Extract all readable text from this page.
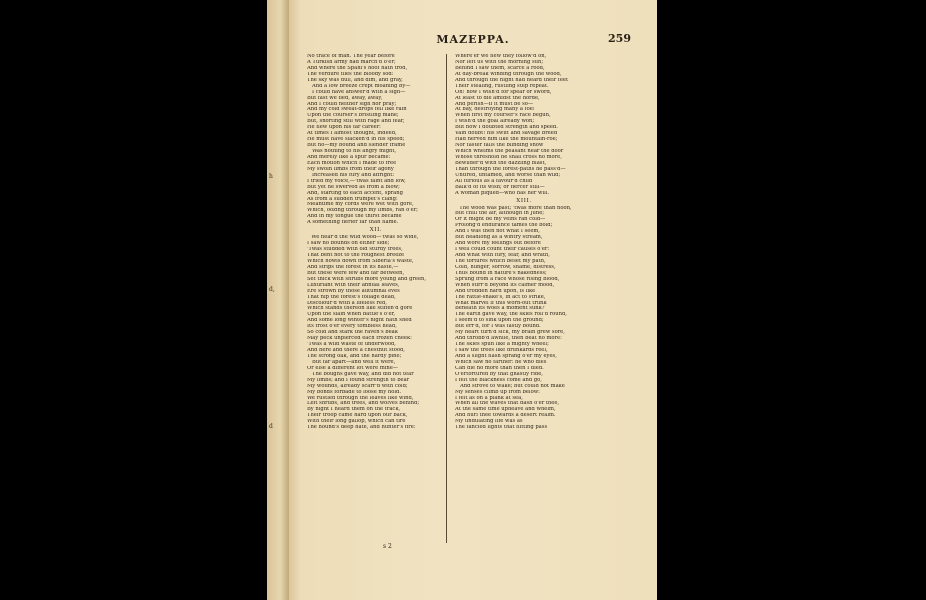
h
d,
d
MAZEPPA.	259
No trace of man. The year before
A Turkish army had march'd o'er;
And where the Spahi's hoof hath trod,
The verdure flies the bloody sod:
The sky was dull, and dim, and gray,
And a low breeze crept moaning by—
I could have answer'd with a sigh—
But fast we fled, away, away,
And I could neither sigh nor pray;
And my cold sweat-drops fell like rain
Upon the courser's bristling mane;
But, snorting still with rage and fear,
He flew upon his far career:
At times I almost thought, indeed,
He must have slacken'd in his speed;
But no—my bound and slender frame
Was nothing to his angry might,
And merely like a spur became:
Each motion which I made to free
My swoln limbs from their agony
Increased his fury and affright:
I tried my voice,—'twas faint and low,
But yet he swerved as from a blow;
And, starting to each accent, sprang
As from a sudden trumpet's clang:
Meantime my cords were wet with gore,
Which, oozing through my limbs, ran o'er;
And in my tongue the thirst became
A something fierier far than flame.
XII.
“ We near'd the wild wood—'twas so wide,
I saw no bounds on either side;
'Twas studded with old sturdy trees,
That bent not to the roughest breeze
Which howls down from Siberia's waste,
And strips the forest in its haste,—
But these were few and far between,
Set thick with shrubs more young and green,
Luxuriant with their annual leaves,
Ere strown by those autumnal eves
That nip the forest's foliage dead,
Discolour'd with a lifeless red,
Which stands thereon like stiffen'd gore
Upon the slain when battle's o'er,
And some long winter's night hath shed
Its frost o'er every tombless head,
So cold and stark the raven's beak
May peck unpierced each frozen cheek:
'Twas a wild waste of underwood,
And here and there a chestnut stood,
The strong oak, and the hardy pine;
But far apart—and well it were,
Or else a different lot were mine—
The boughs gave way, and did not tear
My limbs; and I found strength to bear
My wounds, already scarr'd with cold;
My bonds forbade to loose my hold.
We rustled through the leaves like wind,
Left shrubs, and trees, and wolves behind;
By night I heard them on the track,
Their troop came hard upon our back,
With their long gallop, which can tire
The hound's deep hate, and hunter's fire:
Where'er we flew they follow'd on,
Nor left us with the morning sun;
Behind I saw them, scarce a rood,
At day-break winding through the wood,
And through the night had heard their feet
Their stealing, rustling step repeat.
Oh! how I wish'd for spear or sword,
At least to die amidst the horde,
And perish—if it must be so—
At bay, destroying many a foe!
When first my courser's race begun,
I wish'd the goal already won;
But now I doubted strength and speed.
Vain doubt! his swift and savage breed
Had nerved him like the mountain-roe;
Nor faster falls the blinding snow
Which whelms the peasant near the door
Whose threshold he shall cross no more,
Bewilder'd with the dazzling blast,
Than through the forest-paths he pass'd—
Untired, untamed, and worse than wild;
All furious as a favour'd child
Balk'd of its wish; or fiercer still—
A woman piqued—who has her will.
XIII.
“ The wood was past; 'twas more than noon,
But chill the air, although in June;
Or it might be my veins ran cold—
Prolong'd endurance tames the bold;
And I was then not what I seem,
But headlong as a wintry stream,
And wore my feelings out before
I well could count their causes o'er:
And what with fury, fear, and wrath,
The tortures which beset my path,
Cold, hunger, sorrow, shame, distress,
Thus bound in nature's nakedness;
Sprung from a race whose rising blood,
When stirr'd beyond its calmer mood,
And trodden hard upon, is like
The rattle-snake's, in act to strike,
What marvel if this worn-out trunk
Beneath its woes a moment sunk?
The earth gave way, the skies roll'd round,
I seem'd to sink upon the ground;
But err'd, for I was fastly bound.
My heart turn'd sick, my brain grew sore,
And throbb'd awhile, then beat no more:
The skies spun like a mighty wheel;
I saw the trees like drunkards reel,
And a slight flash sprang o'er my eyes,
Which saw no farther: he who dies
Can die no more than then I died.
O'ertortured by that ghastly ride,
I felt the blackness come and go,
And strove to wake; but could not make
My senses climb up from below:
I felt as on a plank at sea,
When all the waves that dash o'er thee,
At the same time upheave and whelm,
And hurl thee towards a desert realm.
My undulating life was as
The fancied lights that flitting pass
s 2
